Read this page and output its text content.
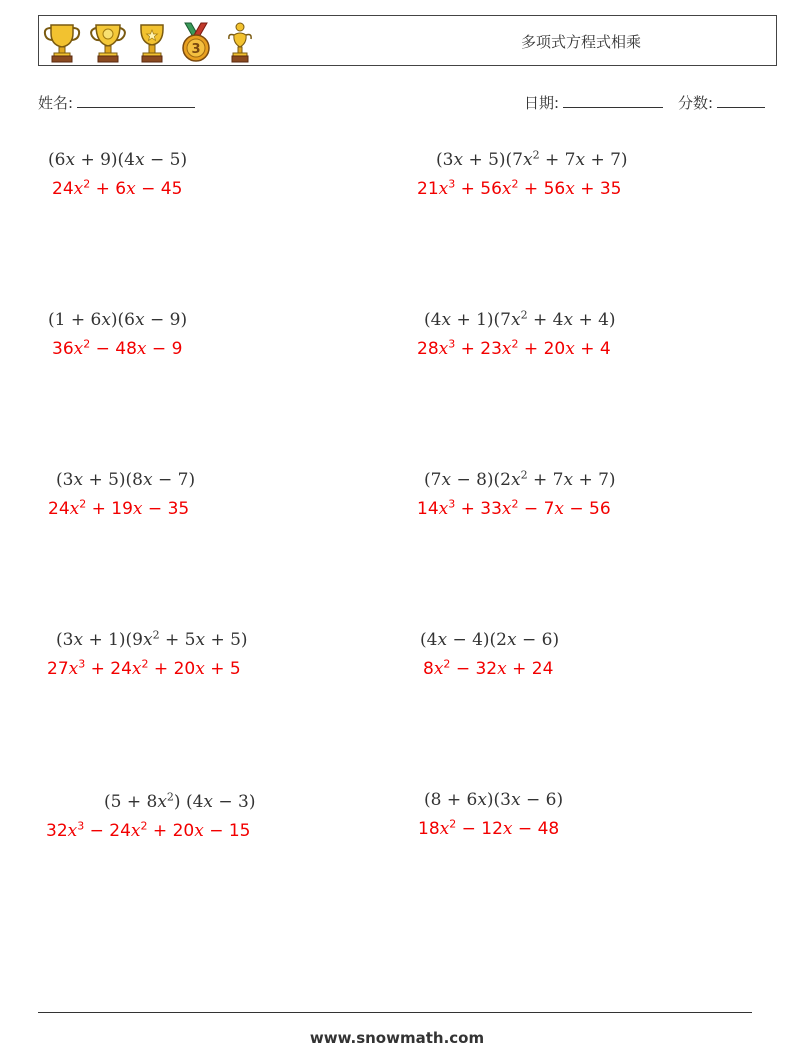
3	多项式方程式相乘
姓名:	日期:	分数:
(6x + 9)(4x − 5)
$24x^2 + 6x - 45$
$(3x + 5)(7x^2 + 7x + 7)$
$21x^3 + 56x^2 + 56x + 35$
(1 + 6x)(6x − 9)
$36x^2 - 48x - 9$
$(4x + 1)(7x^2 + 4x + 4)$
$28x^3 + 23x^2 + 20x + 4$
(3x + 5)(8x − 7)
$24x^2 + 19x - 35$
$(7x - 8)(2x^2 + 7x + 7)$
$14x^3 + 33x^2 - 7x - 56$
$(3x + 1)(9x^2 + 5x + 5)$
$27x^3 + 24x^2 + 20x + 5$
(4x − 4)(2x − 6)
$8x^2 - 32x + 24$
$(5 + 8x^2)$ (4x − 3)
$32x^3 - 24x^2 + 20x - 15$
(8 + 6x)(3x − 6)
$18x^2 - 12x - 48$
www.snowmath.com
